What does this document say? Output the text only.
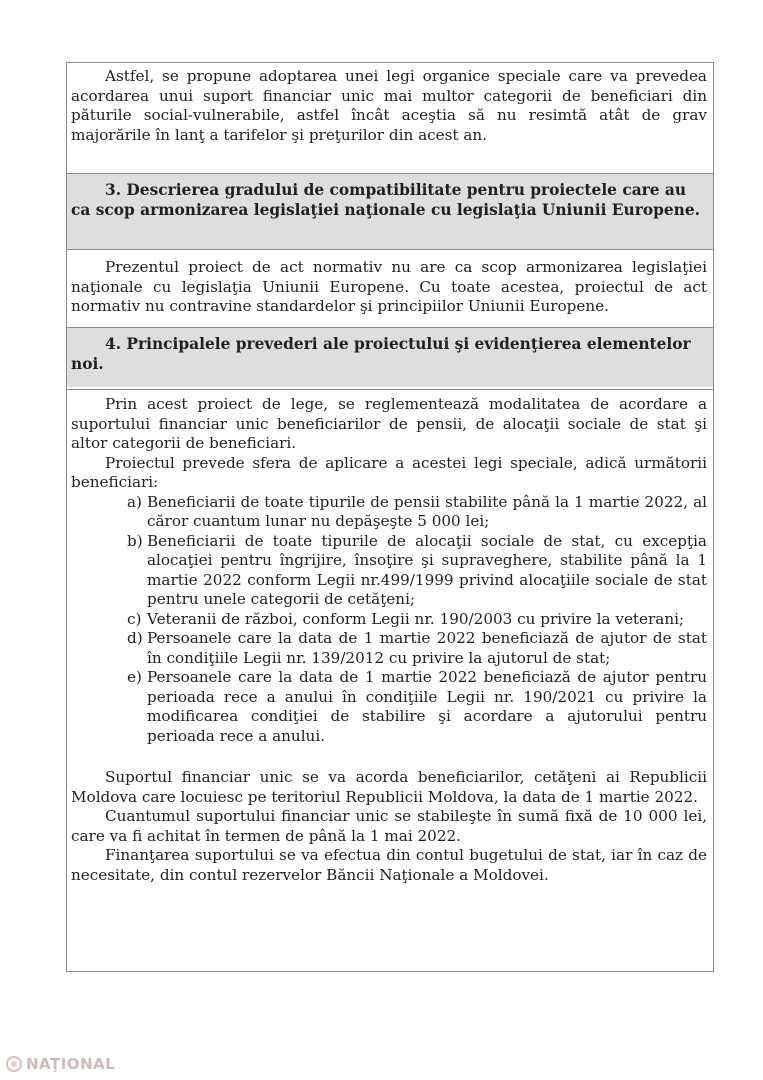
Astfel, se propune adoptarea unei legi organice speciale care va prevedea acordarea unui suport financiar unic mai multor categorii de beneficiari din păturile social-vulnerabile, astfel încât aceştia să nu resimtă atât de grav majorările în lanţ a tarifelor şi preţurilor din acest an.

3. Descrierea gradului de compatibilitate pentru proiectele care au ca scop armonizarea legislaţiei naţionale cu legislaţia Uniunii Europene.

Prezentul proiect de act normativ nu are ca scop armonizarea legislaţiei naţionale cu legislaţia Uniunii Europene. Cu toate acestea, proiectul de act normativ nu contravine standardelor şi principiilor Uniunii Europene.

4. Principalele prevederi ale proiectului şi evidenţierea elementelor noi.

Prin acest proiect de lege, se reglementează modalitatea de acordare a suportului financiar unic beneficiarilor de pensii, de alocaţii sociale de stat şi altor categorii de beneficiari.

Proiectul prevede sfera de aplicare a acestei legi speciale, adică următorii beneficiari:

a) Beneficiarii de toate tipurile de pensii stabilite până la 1 martie 2022, al căror cuantum lunar nu depăşeşte 5 000 lei;
b) Beneficiarii de toate tipurile de alocaţii sociale de stat, cu excepţia alocaţiei pentru îngrijire, însoţire şi supraveghere, stabilite până la 1 martie 2022 conform Legii nr.499/1999 privind alocaţiile sociale de stat pentru unele categorii de cetăţeni;
c) Veteranii de război, conform Legii nr. 190/2003 cu privire la veterani;
d) Persoanele care la data de 1 martie 2022 beneficiază de ajutor de stat în condiţiile Legii nr. 139/2012 cu privire la ajutorul de stat;
e) Persoanele care la data de 1 martie 2022 beneficiază de ajutor pentru perioada rece a anului în condiţiile Legii nr. 190/2021 cu privire la modificarea condiţiei de stabilire şi acordare a ajutorului pentru perioada rece a anului.

Suportul financiar unic se va acorda beneficiarilor, cetăţeni ai Republicii Moldova care locuiesc pe teritoriul Republicii Moldova, la data de 1 martie 2022.

Cuantumul suportului financiar unic se stabileşte în sumă fixă de 10 000 lei, care va fi achitat în termen de până la 1 mai 2022.

Finanţarea suportului se va efectua din contul bugetului de stat, iar în caz de necesitate, din contul rezervelor Băncii Naţionale a Moldovei.

NAŢIONAL
